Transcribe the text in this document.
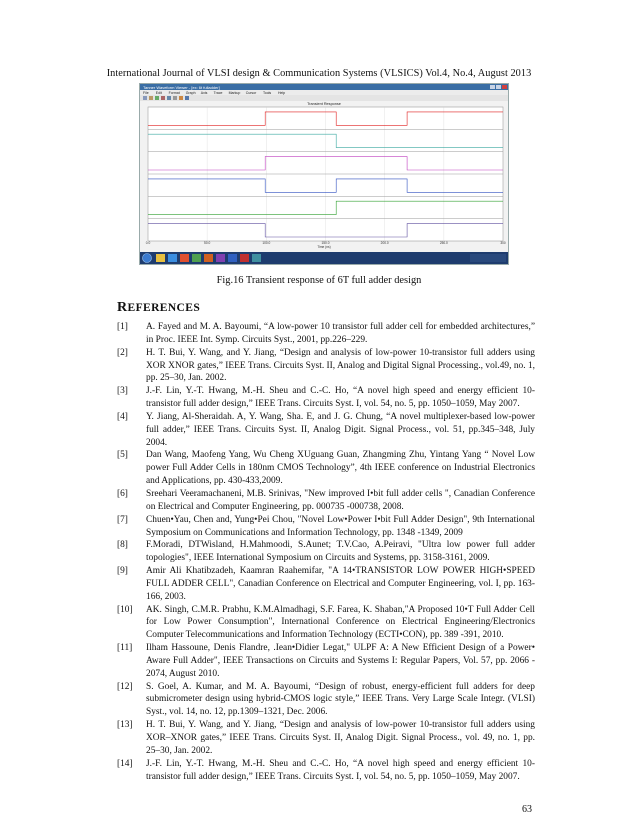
International Journal of VLSI design & Communication Systems (VLSICS) Vol.4, No.4, August 2013
Tanner Waveform Viewer - [ex: 6t fulladder]
File Edit Format Graph Axis Trace Markup Cursor Tools Help
Transient Response
0.0	50.0	100.0	150.0	200.0	250.0	300
Time (ns)
Fig.16 Transient response of 6T full adder design
REFERENCES
[1]	A. Fayed and M. A. Bayoumi, “A low-power 10 transistor full adder cell for embedded architectures,” in Proc. IEEE Int. Symp. Circuits Syst., 2001, pp.226–229.
[2]	H. T. Bui, Y. Wang, and Y. Jiang, “Design and analysis of low-power 10-transistor full adders using XOR XNOR gates,” IEEE Trans. Circuits Syst. II, Analog and Digital Signal Processing., vol.49, no. 1, pp. 25–30, Jan. 2002.
[3]	J.-F. Lin, Y.-T. Hwang, M.-H. Sheu and C.-C. Ho, “A novel high speed and energy efficient 10-transistor full adder design,” IEEE Trans. Circuits Syst. I, vol. 54, no. 5, pp. 1050–1059, May 2007.
[4]	Y. Jiang, Al-Sheraidah. A, Y. Wang, Sha. E, and J. G. Chung, “A novel multiplexer-based low-power full adder,” IEEE Trans. Circuits Syst. II, Analog Digit. Signal Process., vol. 51, pp.345–348, July 2004.
[5]	Dan Wang, Maofeng Yang, Wu Cheng XUguang Guan, Zhangming Zhu, Yintang Yang “ Novel Low power Full Adder Cells in 180nm CMOS Technology”, 4th IEEE conference on Industrial Electronics and Applications, pp. 430-433,2009.
[6]	Sreehari Veeramachaneni, M.B. Srinivas, "New improved I•bit full adder cells ", Canadian Conference on Electrical and Computer Engineering, pp. 000735 -000738, 2008.
[7]	Chuen•Yau, Chen and, Yung•Pei Chou, "Novel Low•Power I•bit Full Adder Design", 9th International Symposium on Communications and Information Technology, pp. 1348 -1349, 2009
[8]	F.Moradi, DTWisland, H.Mahmoodi, S.Aunet; T.V.Cao, A.Peiravi, "Ultra low power full adder topologies", IEEE International Symposium on Circuits and Systems, pp. 3158-3161, 2009.
[9]	Amir Ali Khatibzadeh, Kaamran Raahemifar, "A 14•TRANSISTOR LOW POWER HIGH•SPEED FULL ADDER CELL", Canadian Conference on Electrical and Computer Engineering, vol. I, pp. 163-166, 2003.
[10]	AK. Singh, C.M.R. Prabhu, K.M.Almadhagi, S.F. Farea, K. Shaban,"A Proposed 10•T Full Adder Cell for Low Power Consumption", International Conference on Electrical Engineering/Electronics Computer Telecommunications and Information Technology (ECTI•CON), pp. 389 -391, 2010.
[11]	Ilham Hassoune, Denis Flandre, .Iean•Didier Legat," ULPF A: A New Efficient Design of a Power• Aware Full Adder", IEEE Transactions on Circuits and Systems I: Regular Papers, Vol. 57, pp. 2066 - 2074, August 2010.
[12]	S. Goel, A. Kumar, and M. A. Bayoumi, “Design of robust, energy-efficient full adders for deep submicrometer design using hybrid-CMOS logic style,” IEEE Trans. Very Large Scale Integr. (VLSI) Syst., vol. 14, no. 12, pp.1309–1321, Dec. 2006.
[13]	H. T. Bui, Y. Wang, and Y. Jiang, “Design and analysis of low-power 10-transistor full adders using XOR–XNOR gates,” IEEE Trans. Circuits Syst. II, Analog Digit. Signal Process., vol. 49, no. 1, pp. 25–30, Jan. 2002.
[14]	J.-F. Lin, Y.-T. Hwang, M.-H. Sheu and C.-C. Ho, “A novel high speed and energy efficient 10-transistor full adder design,” IEEE Trans. Circuits Syst. I, vol. 54, no. 5, pp. 1050–1059, May 2007.
63
